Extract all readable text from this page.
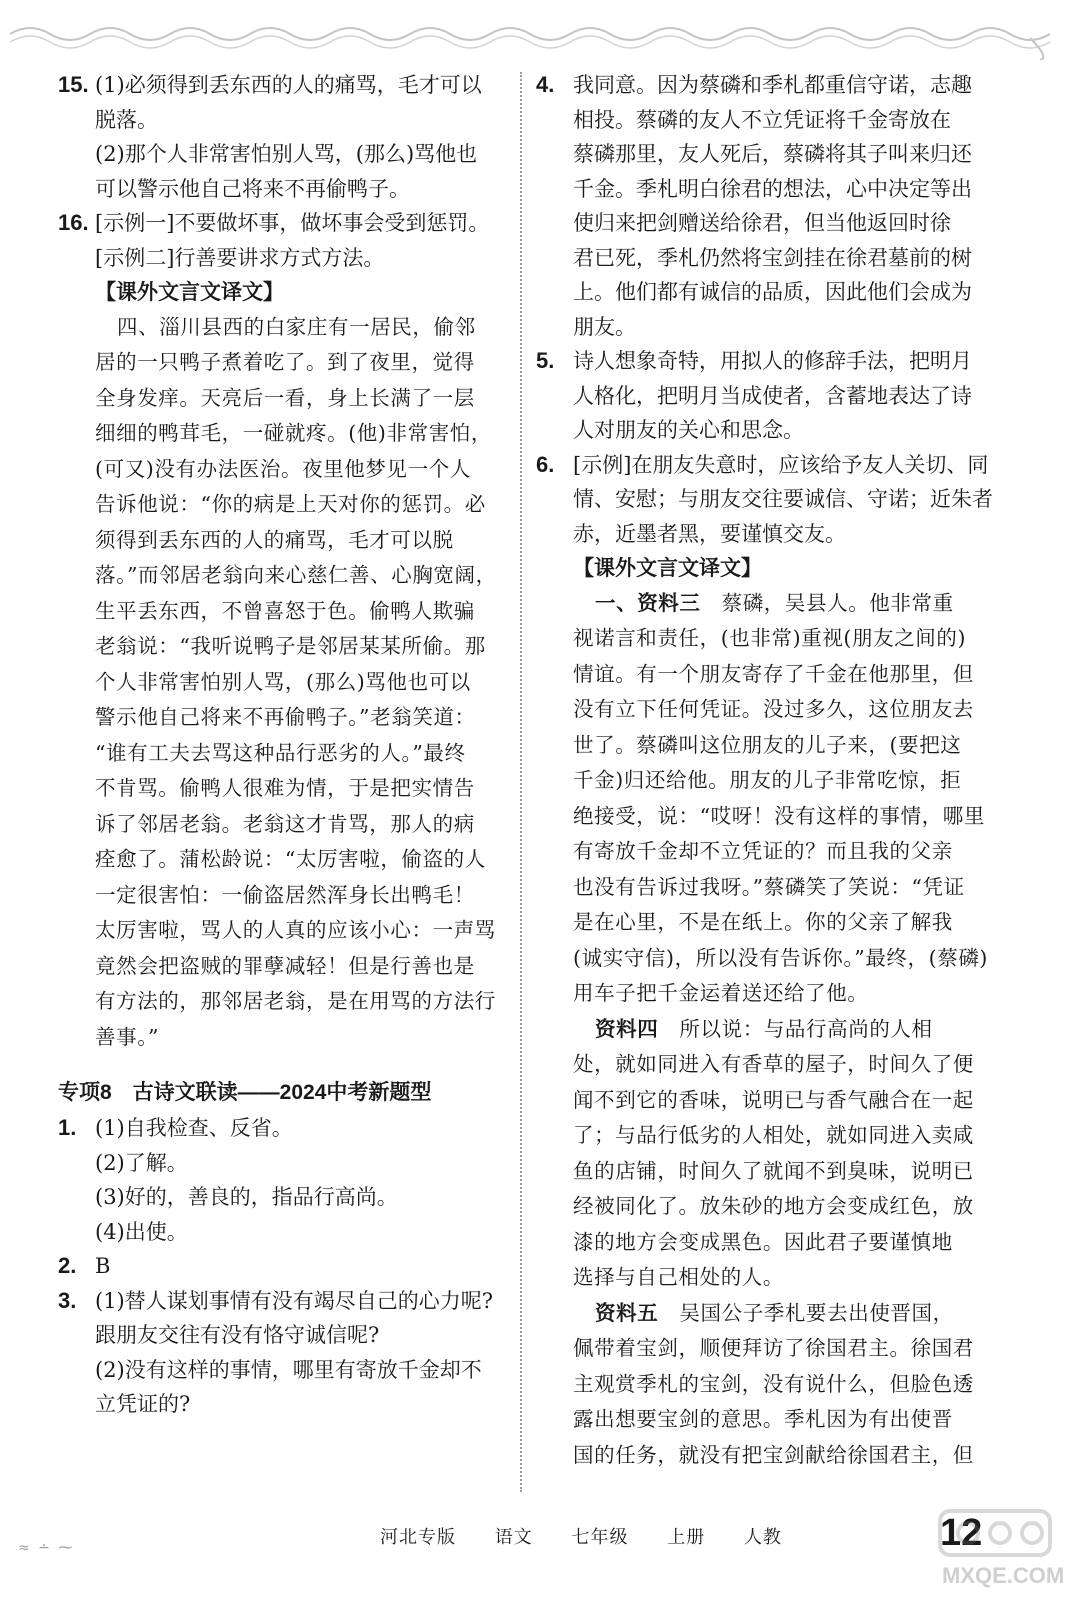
15. (1)必须得到丢东西的人的痛骂，毛才可以
脱落。
(2)那个人非常害怕别人骂，(那么)骂他也
可以警示他自己将来不再偷鸭子。
16. [示例一]不要做坏事，做坏事会受到惩罚。
[示例二]行善要讲求方式方法。
【课外文言文译文】
四、淄川县西的白家庄有一居民，偷邻
居的一只鸭子煮着吃了。到了夜里，觉得
全身发痒。天亮后一看，身上长满了一层
细细的鸭茸毛，一碰就疼。(他)非常害怕，
(可又)没有办法医治。夜里他梦见一个人
告诉他说：“你的病是上天对你的惩罚。必
须得到丢东西的人的痛骂，毛才可以脱
落。”而邻居老翁向来心慈仁善、心胸宽阔，
生平丢东西，不曾喜怒于色。偷鸭人欺骗
老翁说：“我听说鸭子是邻居某某所偷。那
个人非常害怕别人骂，(那么)骂他也可以
警示他自己将来不再偷鸭子。”老翁笑道：
“谁有工夫去骂这种品行恶劣的人。”最终
不肯骂。偷鸭人很难为情，于是把实情告
诉了邻居老翁。老翁这才肯骂，那人的病
痊愈了。蒲松龄说：“太厉害啦，偷盗的人
一定很害怕：一偷盗居然浑身长出鸭毛！
太厉害啦，骂人的人真的应该小心：一声骂
竟然会把盗贼的罪孽减轻！但是行善也是
有方法的，那邻居老翁，是在用骂的方法行
善事。”
专项8　古诗文联读——2024中考新题型
1. (1)自我检查、反省。
(2)了解。
(3)好的，善良的，指品行高尚。
(4)出使。
2. B
3. (1)替人谋划事情有没有竭尽自己的心力呢?
跟朋友交往有没有恪守诚信呢?
(2)没有这样的事情，哪里有寄放千金却不
立凭证的?
4. 我同意。因为蔡磷和季札都重信守诺，志趣
相投。蔡磷的友人不立凭证将千金寄放在
蔡磷那里，友人死后，蔡磷将其子叫来归还
千金。季札明白徐君的想法，心中决定等出
使归来把剑赠送给徐君，但当他返回时徐
君已死，季札仍然将宝剑挂在徐君墓前的树
上。他们都有诚信的品质，因此他们会成为
朋友。
5. 诗人想象奇特，用拟人的修辞手法，把明月
人格化，把明月当成使者，含蓄地表达了诗
人对朋友的关心和思念。
6. [示例]在朋友失意时，应该给予友人关切、同
情、安慰；与朋友交往要诚信、守诺；近朱者
赤，近墨者黑，要谨慎交友。
【课外文言文译文】
一、资料三　 蔡磷，吴县人。他非常重
视诺言和责任，(也非常)重视(朋友之间的)
情谊。有一个朋友寄存了千金在他那里，但
没有立下任何凭证。没过多久，这位朋友去
世了。蔡磷叫这位朋友的儿子来，(要把这
千金)归还给他。朋友的儿子非常吃惊，拒
绝接受，说：“哎呀！没有这样的事情，哪里
有寄放千金却不立凭证的？而且我的父亲
也没有告诉过我呀。”蔡磷笑了笑说：“凭证
是在心里，不是在纸上。你的父亲了解我
(诚实守信)，所以没有告诉你。”最终，(蔡磷)
用车子把千金运着送还给了他。
资料四　 所以说：与品行高尚的人相
处，就如同进入有香草的屋子，时间久了便
闻不到它的香味，说明已与香气融合在一起
了；与品行低劣的人相处，就如同进入卖咸
鱼的店铺，时间久了就闻不到臭味，说明已
经被同化了。放朱砂的地方会变成红色，放
漆的地方会变成黑色。因此君子要谨慎地
选择与自己相处的人。
资料五　 吴国公子季札要去出使晋国，
佩带着宝剑，顺便拜访了徐国君主。徐国君
主观赏季札的宝剑，没有说什么，但脸色透
露出想要宝剑的意思。季札因为有出使晋
国的任务，就没有把宝剑献给徐国君主，但
河北专版 语文 七年级 上册 人教	12
MXQE.COM
≈ ∸ ⁓
